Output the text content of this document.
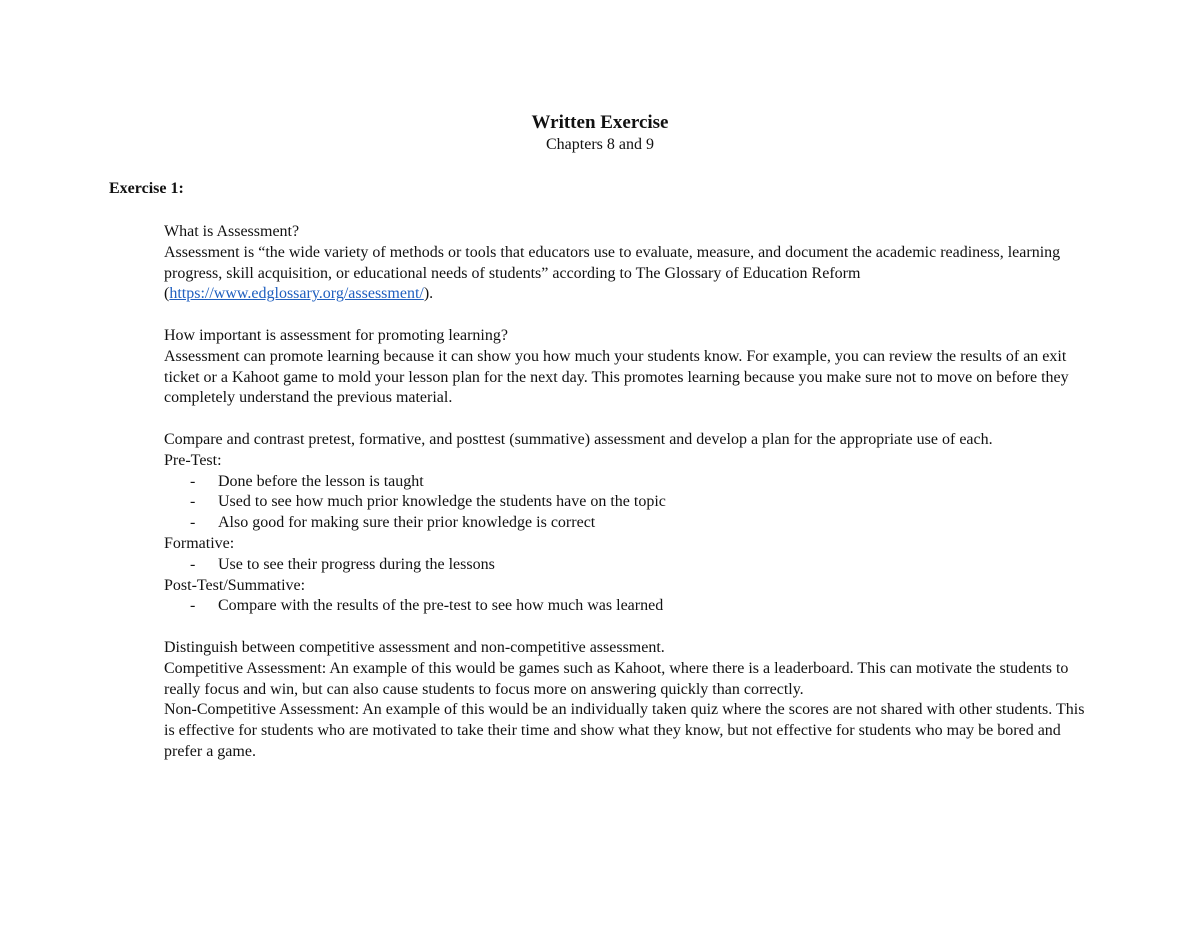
Written Exercise
Chapters 8 and 9
Exercise 1:

What is Assessment?

Assessment is “the wide variety of methods or tools that educators use to evaluate, measure, and document the academic readiness, learning progress, skill acquisition, or educational needs of students” according to The Glossary of Education Reform (https://www.edglossary.org/assessment/).

How important is assessment for promoting learning?

Assessment can promote learning because it can show you how much your students know. For example, you can review the results of an exit ticket or a Kahoot game to mold your lesson plan for the next day. This promotes learning because you make sure not to move on before they completely understand the previous material.

Compare and contrast pretest, formative, and posttest (summative) assessment and develop a plan for the appropriate use of each.

Pre-Test:

- Done before the lesson is taught
- Used to see how much prior knowledge the students have on the topic
- Also good for making sure their prior knowledge is correct

Formative:

- Use to see their progress during the lessons

Post-Test/Summative:

- Compare with the results of the pre-test to see how much was learned

Distinguish between competitive assessment and non-competitive assessment.

Competitive Assessment: An example of this would be games such as Kahoot, where there is a leaderboard. This can motivate the students to really focus and win, but can also cause students to focus more on answering quickly than correctly.

Non-Competitive Assessment: An example of this would be an individually taken quiz where the scores are not shared with other students. This is effective for students who are motivated to take their time and show what they know, but not effective for students who may be bored and prefer a game.
